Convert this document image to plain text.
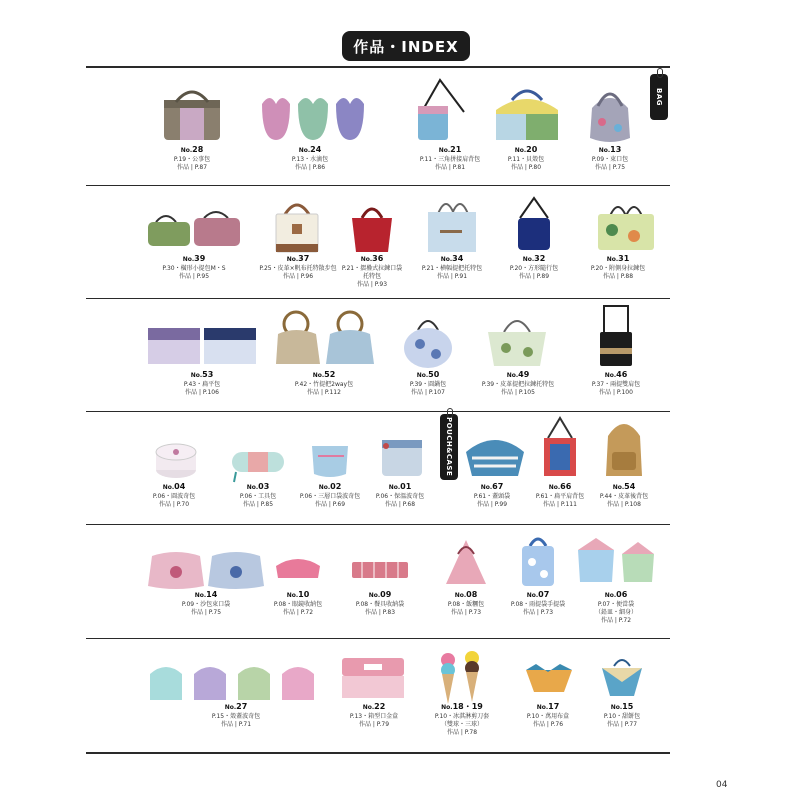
作品・INDEX
BAG
POUCH&CASE
No.28
P.19・公事包
作品 | P.87
No.24
P.13・水滴包
作品 | P.86
No.21
P.11・三角拼接肩背包
作品 | P.81
No.20
P.11・貝殼包
作品 | P.80
No.13
P.09・束口包
作品 | P.75
No.39
P.30・橫形小提包M・S
作品 | P.95
No.37
P.25・皮革×帆布托特散步包
作品 | P.96
No.36
P.21・摺疊式拉鍊口袋
托特包
作品 | P.93
No.34
P.21・横幅提把托特包
作品 | P.91
No.32
P.20・方形隨行包
作品 | P.89
No.31
P.20・附側身拉鍊包
作品 | P.88
No.53
P.43・扁平包
作品 | P.106
No.52
P.42・竹提把2way包
作品 | P.112
No.50
P.39・圓鍋包
作品 | P.107
No.49
P.39・皮革提把拉鍊托特包
作品 | P.105
No.46
P.37・兩提雙肩包
作品 | P.100
No.04
P.06・圓波奇包
作品 | P.70
No.03
P.06・工具包
作品 | P.85
No.02
P.06・三層口袋波奇包
作品 | P.69
No.01
P.06・保溫波奇包
作品 | P.68
No.67
P.61・蓋頭袋
作品 | P.99
No.66
P.61・扁平肩背包
作品 | P.111
No.54
P.44・皮革後背包
作品 | P.108
No.14
P.09・沙包束口袋
作品 | P.75
No.10
P.08・眼鏡收納包
作品 | P.72
No.09
P.08・餐具收納袋
作品 | P.83
No.08
P.08・飯糰包
作品 | P.73
No.07
P.08・雨提袋手提袋
作品 | P.73
No.06
P.07・便當袋
（鉛皿・細身）
作品 | P.72
No.27
P.15・殼蓋波奇包
作品 | P.71
No.22
P.13・箱型口金盒
作品 | P.79
No.18・19
P.10・冰淇淋剪刀套
（雙球・三球）
作品 | P.78
No.17
P.10・萬用布盒
作品 | P.76
No.15
P.10・甜餅包
作品 | P.77
04
